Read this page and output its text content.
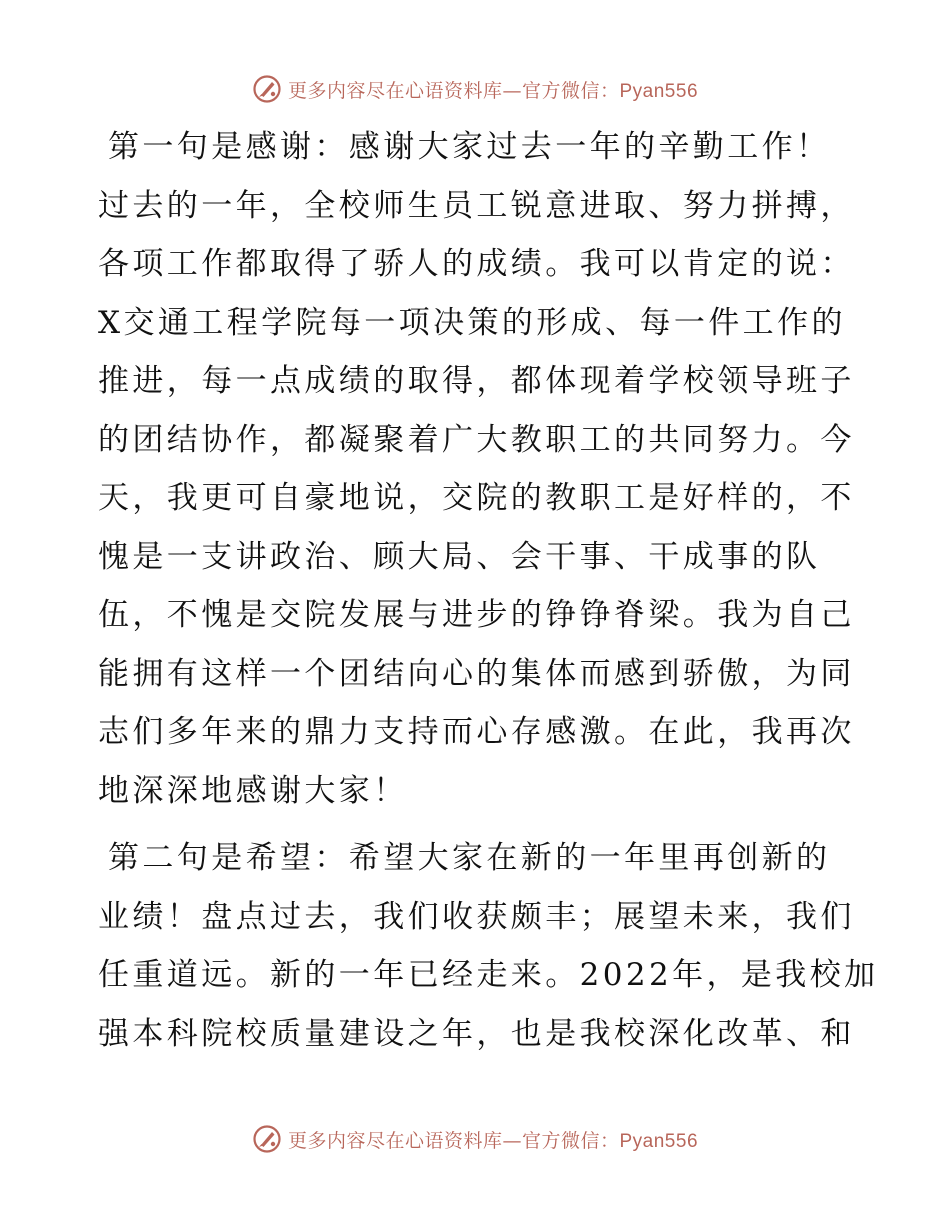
更多内容尽在心语资料库—官方微信：Pyan556

第一句是感谢：感谢大家过去一年的辛勤工作！
过去的一年，全校师生员工锐意进取、努力拼搏，
各项工作都取得了骄人的成绩。我可以肯定的说：
X交通工程学院每一项决策的形成、每一件工作的
推进，每一点成绩的取得，都体现着学校领导班子
的团结协作，都凝聚着广大教职工的共同努力。今
天，我更可自豪地说，交院的教职工是好样的，不
愧是一支讲政治、顾大局、会干事、干成事的队
伍，不愧是交院发展与进步的铮铮脊梁。我为自己
能拥有这样一个团结向心的集体而感到骄傲，为同
志们多年来的鼎力支持而心存感激。在此，我再次
地深深地感谢大家！

第二句是希望：希望大家在新的一年里再创新的
业绩！盘点过去，我们收获颇丰；展望未来，我们
任重道远。新的一年已经走来。2022年，是我校加
强本科院校质量建设之年，也是我校深化改革、和

更多内容尽在心语资料库—官方微信：Pyan556
